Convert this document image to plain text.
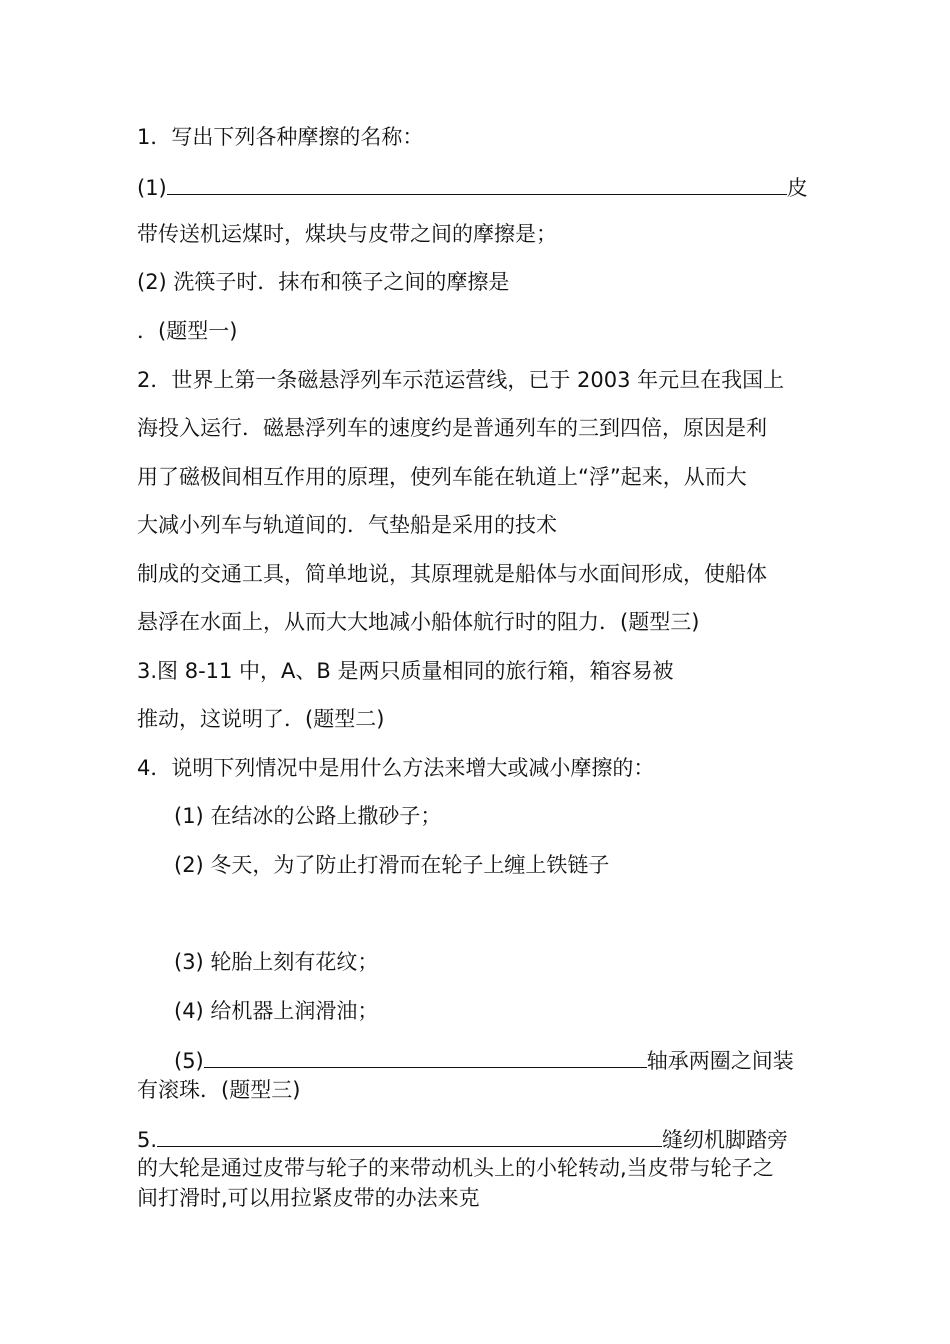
1．写出下列各种摩擦的名称：
(1)	皮
带传送机运煤时，煤块与皮带之间的摩擦是；
(2) 洗筷子时．抹布和筷子之间的摩擦是
．(题型一)
2．世界上第一条磁悬浮列车示范运营线，已于 2003 年元旦在我国上
海投入运行．磁悬浮列车的速度约是普通列车的三到四倍，原因是利
用了磁极间相互作用的原理，使列车能在轨道上“浮”起来，从而大
大减小列车与轨道间的．气垫船是采用的技术
制成的交通工具，简单地说，其原理就是船体与水面间形成，使船体
悬浮在水面上，从而大大地减小船体航行时的阻力．(题型三)
3.图 8-11 中，A、B 是两只质量相同的旅行箱，箱容易被
推动，这说明了．(题型二)
4．说明下列情况中是用什么方法来增大或减小摩擦的：
(1) 在结冰的公路上撒砂子；
(2) 冬天，为了防止打滑而在轮子上缠上铁链子
(3) 轮胎上刻有花纹；
(4) 给机器上润滑油；
(5)	轴承两圈之间装
有滚珠．(题型三)
5.	缝纫机脚踏旁
的大轮是通过皮带与轮子的来带动机头上的小轮转动,当皮带与轮子之
间打滑时,可以用拉紧皮带的办法来克
